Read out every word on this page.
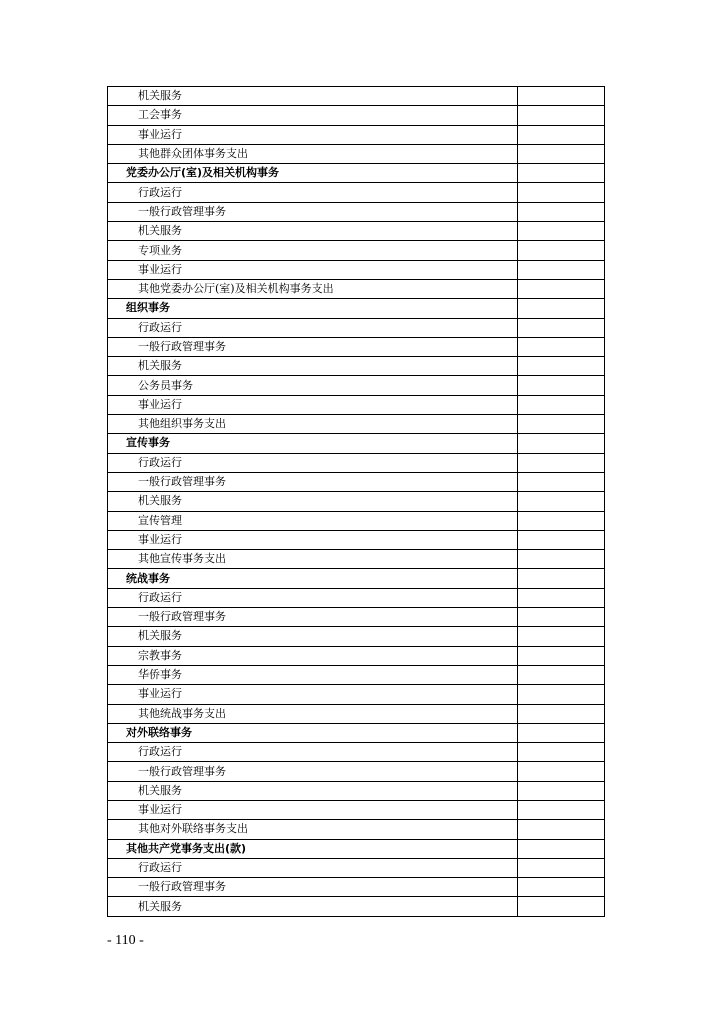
机关服务	
工会事务	
事业运行	
其他群众团体事务支出	
党委办公厅(室)及相关机构事务	
行政运行	
一般行政管理事务	
机关服务	
专项业务	
事业运行	
其他党委办公厅(室)及相关机构事务支出	
组织事务	
行政运行	
一般行政管理事务	
机关服务	
公务员事务	
事业运行	
其他组织事务支出	
宣传事务	
行政运行	
一般行政管理事务	
机关服务	
宣传管理	
事业运行	
其他宣传事务支出	
统战事务	
行政运行	
一般行政管理事务	
机关服务	
宗教事务	
华侨事务	
事业运行	
其他统战事务支出	
对外联络事务	
行政运行	
一般行政管理事务	
机关服务	
事业运行	
其他对外联络事务支出	
其他共产党事务支出(款)	
行政运行	
一般行政管理事务	
机关服务	
- 110 -
